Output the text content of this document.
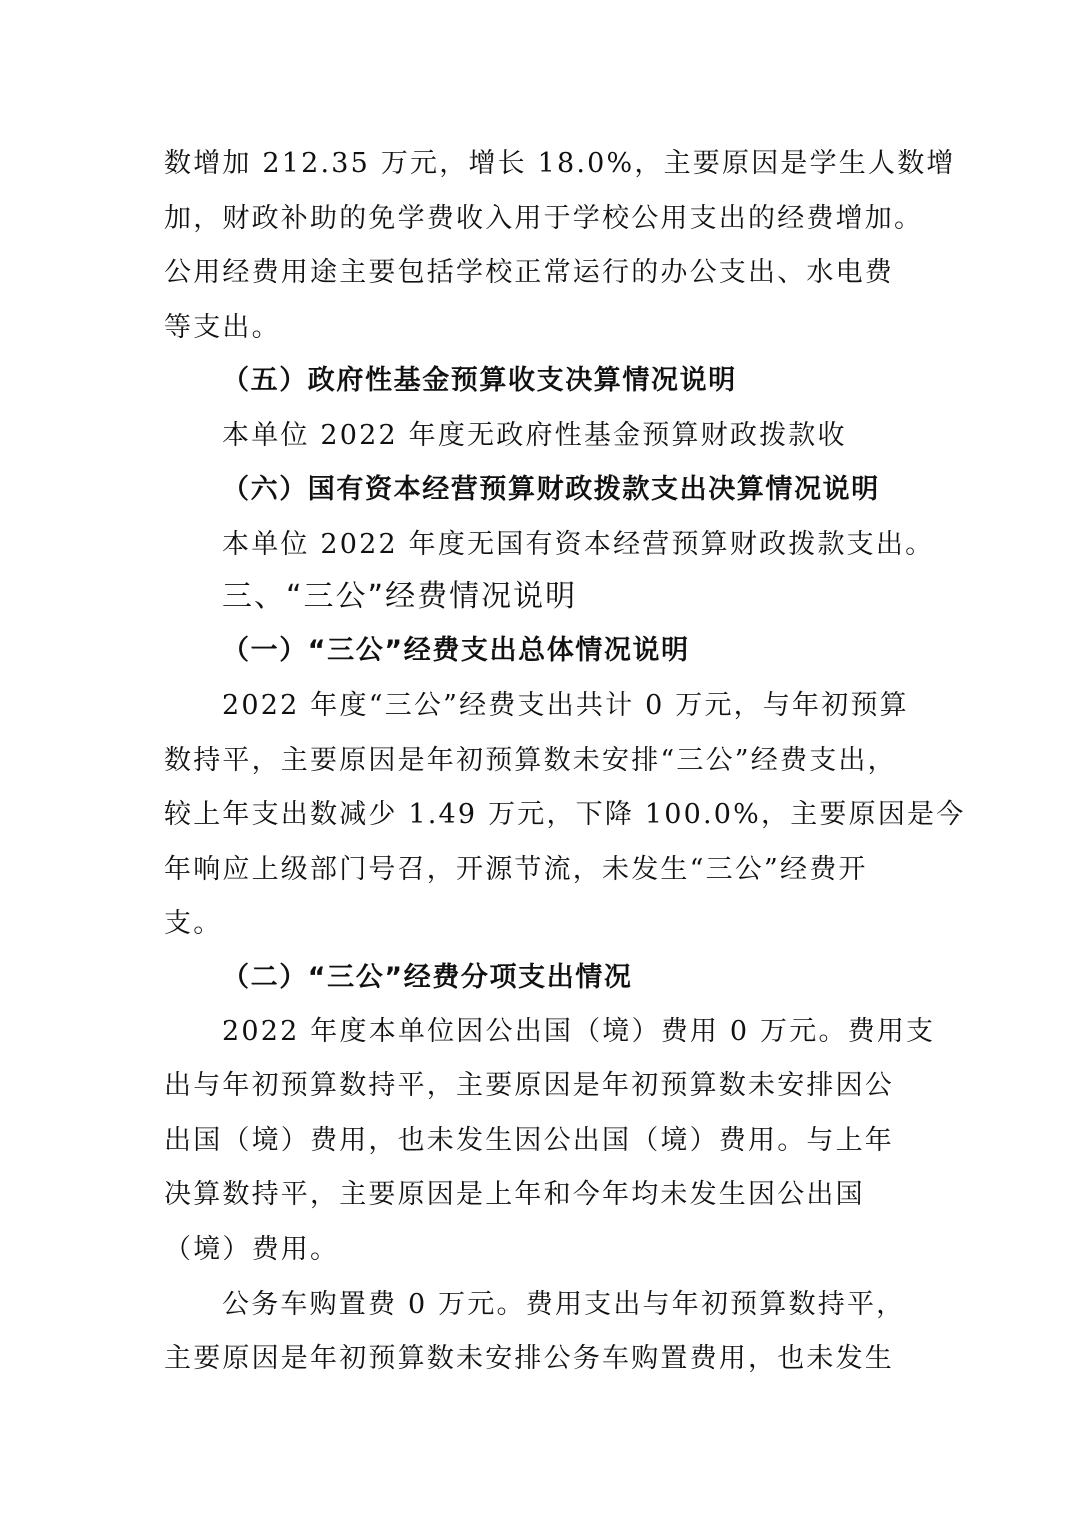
数增加 212.35 万元，增长 18.0%，主要原因是学生人数增
加，财政补助的免学费收入用于学校公用支出的经费增加。
公用经费用途主要包括学校正常运行的办公支出、水电费
等支出。
（五）政府性基金预算收支决算情况说明
本单位 2022 年度无政府性基金预算财政拨款收
（六）国有资本经营预算财政拨款支出决算情况说明
本单位 2022 年度无国有资本经营预算财政拨款支出。
三、“三公”经费情况说明
（一）“三公”经费支出总体情况说明
2022 年度“三公”经费支出共计 0 万元，与年初预算
数持平，主要原因是年初预算数未安排“三公”经费支出，
较上年支出数减少 1.49 万元，下降 100.0%，主要原因是今
年响应上级部门号召，开源节流，未发生“三公”经费开
支。
（二）“三公”经费分项支出情况
2022 年度本单位因公出国（境）费用 0 万元。费用支
出与年初预算数持平，主要原因是年初预算数未安排因公
出国（境）费用，也未发生因公出国（境）费用。与上年
决算数持平，主要原因是上年和今年均未发生因公出国
（境）费用。
公务车购置费 0 万元。费用支出与年初预算数持平，
主要原因是年初预算数未安排公务车购置费用，也未发生
